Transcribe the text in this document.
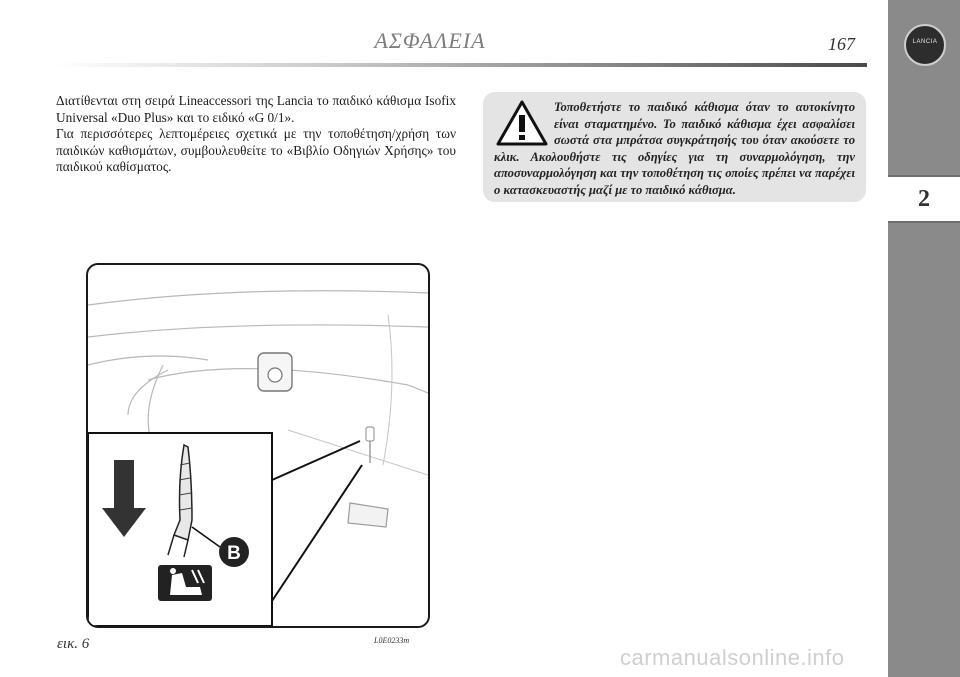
ΑΣΦΑΛΕΙΑ	167	LANCIA
2

Διατίθενται στη σειρά Lineaccessori της Lancia το παιδικό κάθισμα Isofix Universal «Duo Plus» και το ειδικό «G 0/1».

Για περισσότερες λεπτομέρειες σχετικά με την τοποθέτηση/χρήση των παιδικών καθισμάτων, συμβουλευθείτε το «Βιβλίο Οδηγιών Χρήσης» του παιδικού καθίσματος.

Τοποθετήστε το παιδικό κάθισμα όταν το αυτοκίνητο είναι σταματημένο. Το παιδικό κάθισμα έχει ασφαλίσει σωστά στα μπράτσα συγκράτησής του όταν ακούσετε το κλικ. Ακολουθήστε τις οδηγίες για τη συναρμολόγηση, την αποσυναρμολόγηση και την τοποθέτηση τις οποίες πρέπει να παρέχει ο κατασκευαστής μαζί με το παιδικό κάθισμα.
B
εικ. 6	L0E0233m
carmanualsonline.info
